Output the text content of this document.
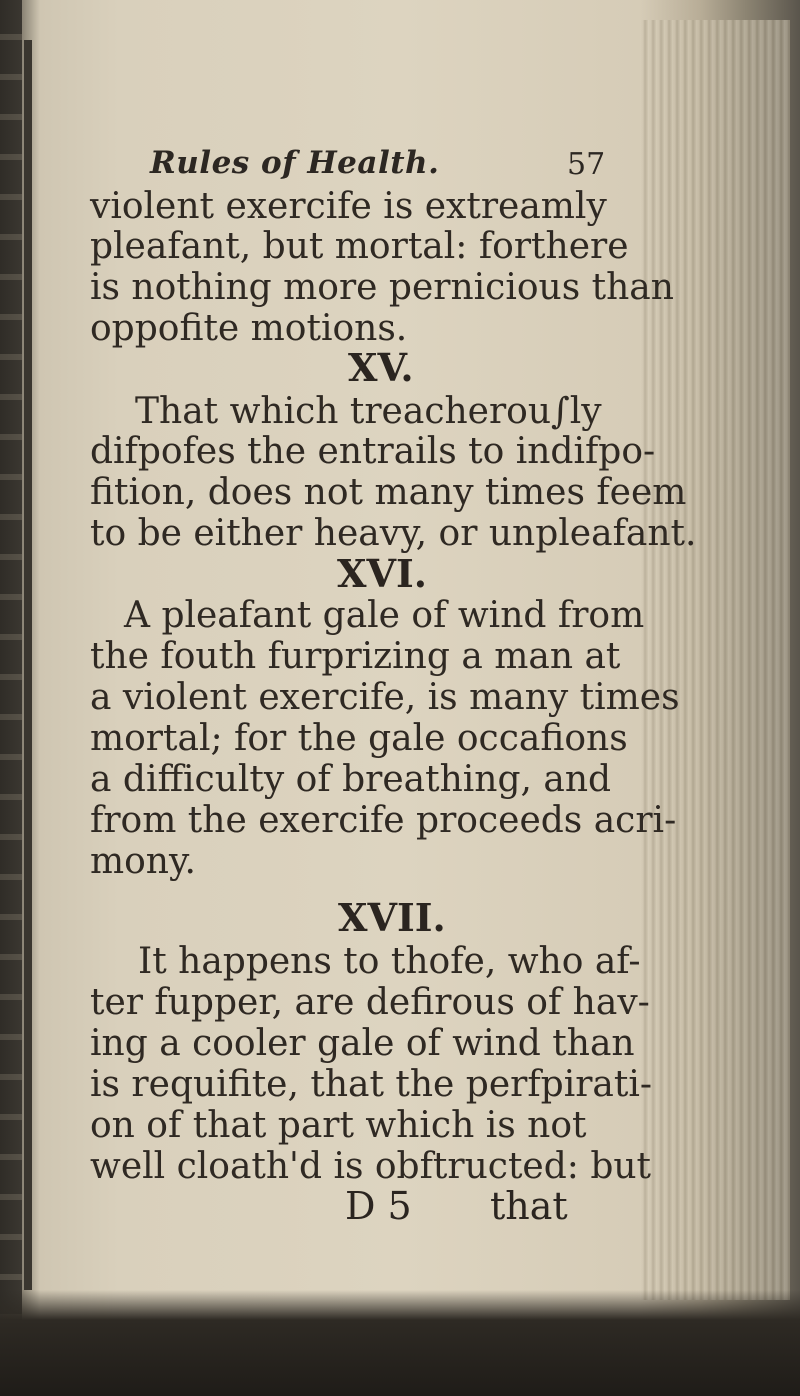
Rules of Health.	57
violent exercife is extreamly
pleafant, but mortal: forthere
is nothing more pernicious than
oppofite motions.
XV.
That which treacherou∫ly
difpofes the entrails to indifpo-
fition, does not many times feem
to be either heavy, or unpleafant.
XVI.
A pleafant gale of wind from
the fouth furprizing a man at
a violent exercife, is many times
mortal; for the gale occafions
a difficulty of breathing, and
from the exercife proceeds acri-
mony.
XVII.
It happens to thofe, who af-
ter fupper, are defirous of hav-
ing a cooler gale of wind than
is requifite, that the perfpirati-
on of that part which is not
well cloath'd is obftructed: but
D 5 that
